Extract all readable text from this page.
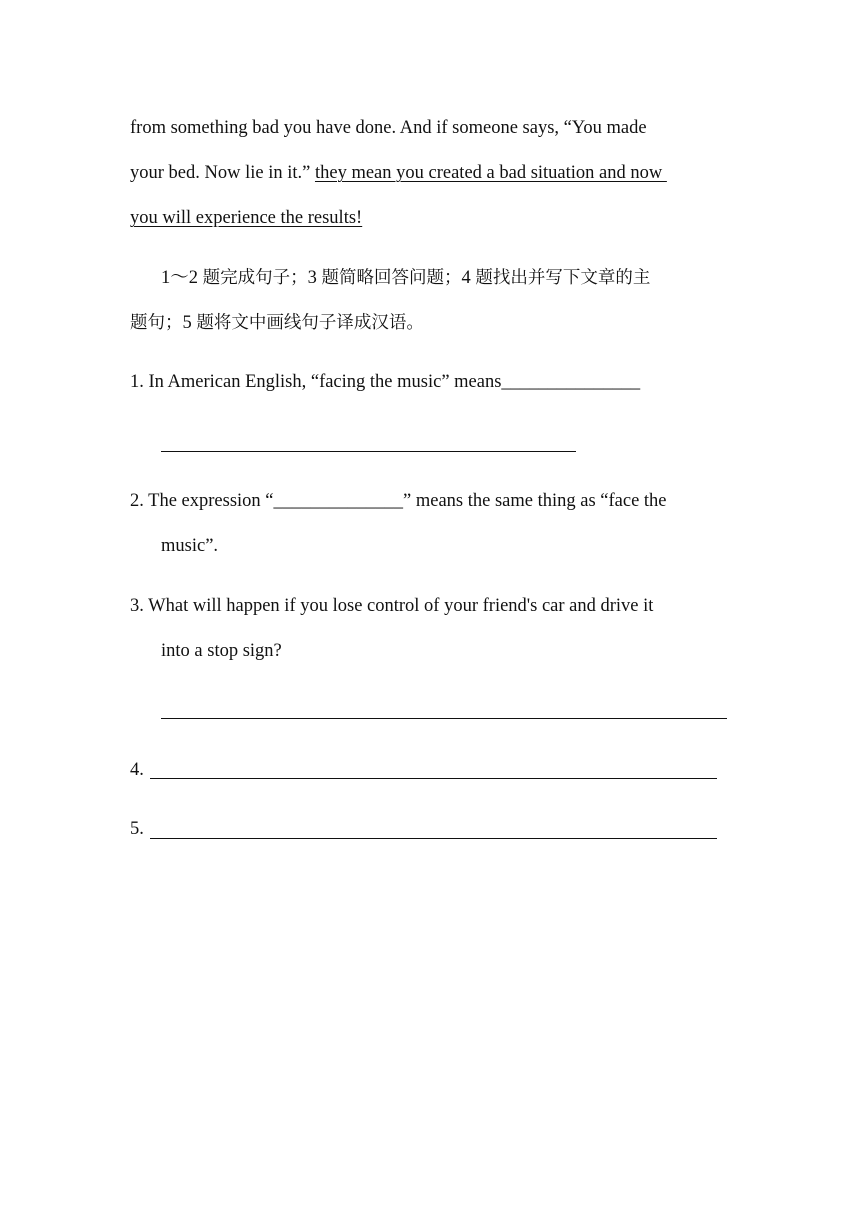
from something bad you have done. And if someone says, “You made
your bed. Now lie in it.” they mean you created a bad situation and now
you will experience the results!
1～2 题完成句子；3 题简略回答问题；4 题找出并写下文章的主
题句；5 题将文中画线句子译成汉语。
1. In American English, “facing the music” means_______________
2. The expression “______________” means the same thing as “face the
music”.
3. What will happen if you lose control of your friend's car and drive it
into a stop sign?
4.
5.
